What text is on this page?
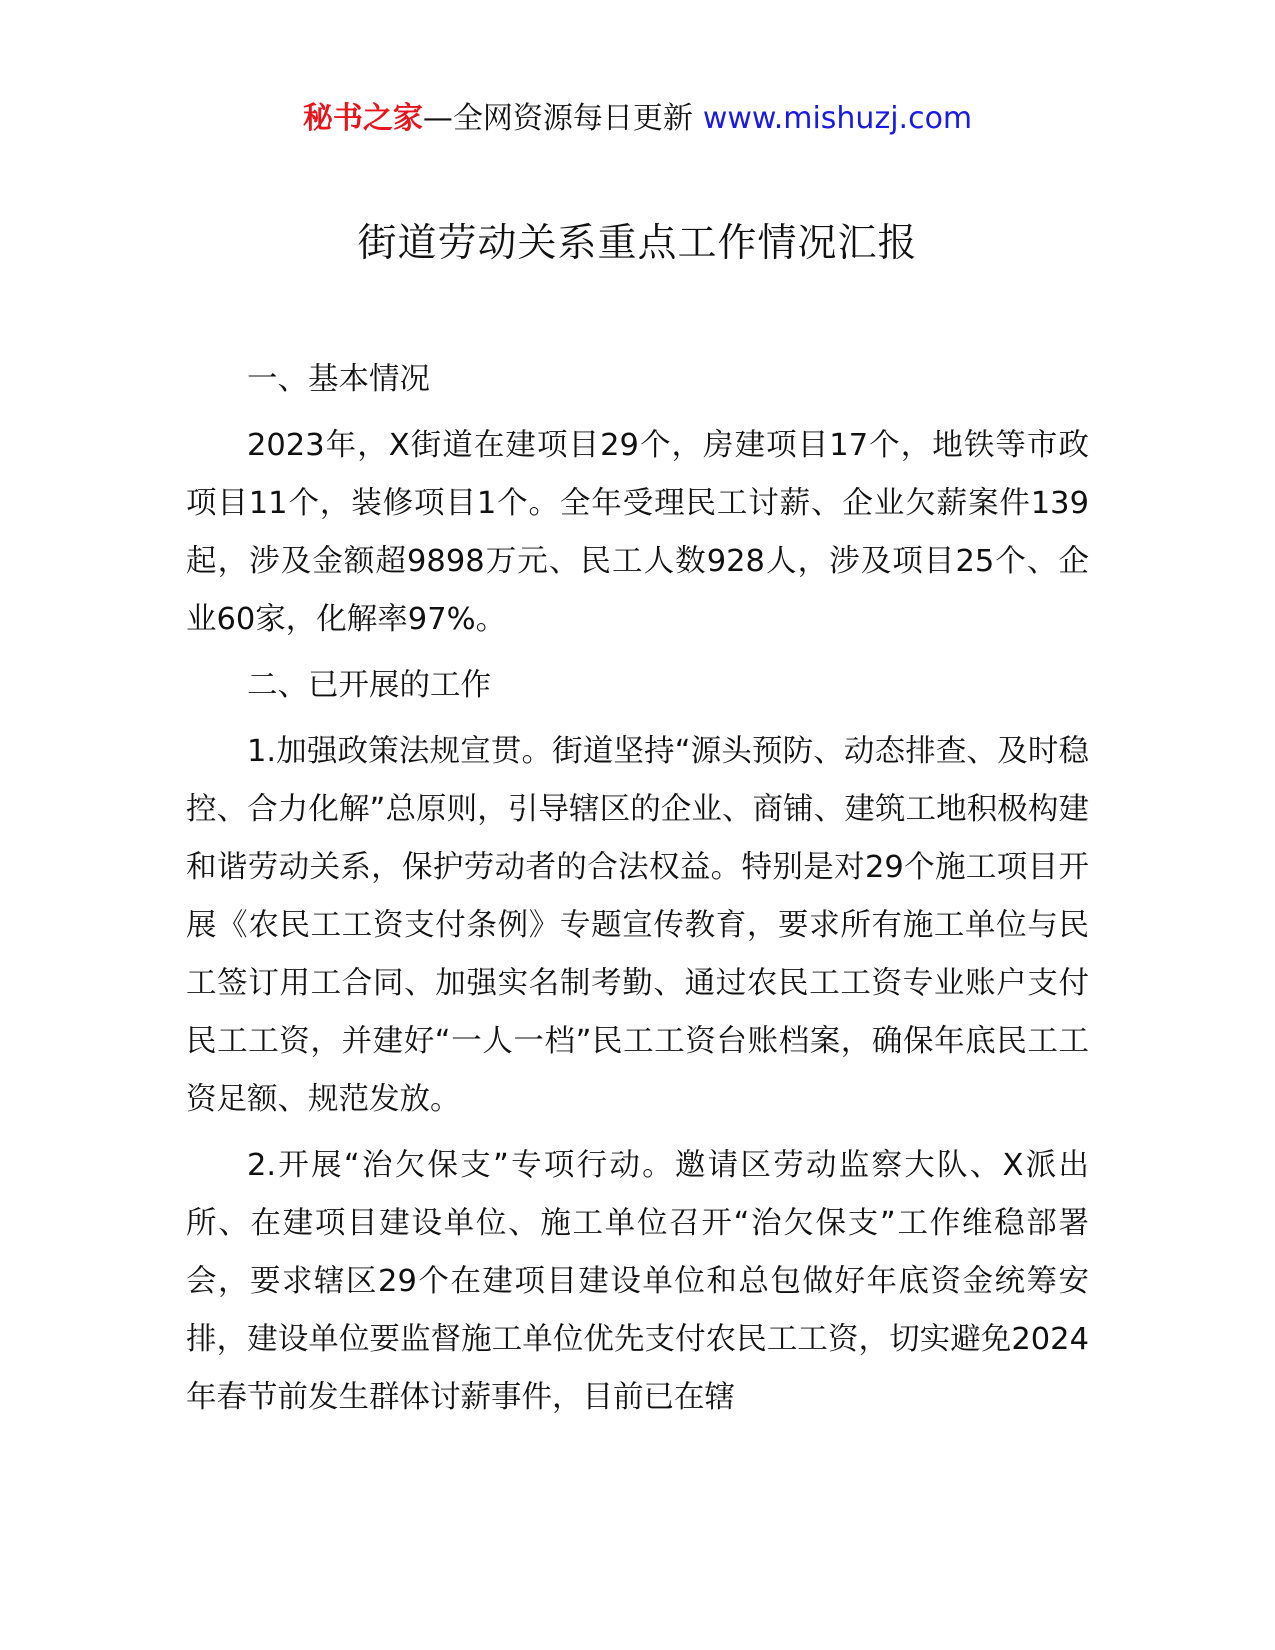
秘书之家—全网资源每日更新 www.mishuzj.com
街道劳动关系重点工作情况汇报

一、基本情况

2023年，X街道在建项目29个，房建项目17个，地铁等市政项目11个，装修项目1个。全年受理民工讨薪、企业欠薪案件139起，涉及金额超9898万元、民工人数928人，涉及项目25个、企业60家，化解率97%。

二、已开展的工作

1.加强政策法规宣贯。街道坚持“源头预防、动态排查、及时稳控、合力化解”总原则，引导辖区的企业、商铺、建筑工地积极构建和谐劳动关系，保护劳动者的合法权益。特别是对29个施工项目开展《农民工工资支付条例》专题宣传教育，要求所有施工单位与民工签订用工合同、加强实名制考勤、通过农民工工资专业账户支付民工工资，并建好“一人一档”民工工资台账档案，确保年底民工工资足额、规范发放。

2.开展“治欠保支”专项行动。邀请区劳动监察大队、X派出所、在建项目建设单位、施工单位召开“治欠保支”工作维稳部署会，要求辖区29个在建项目建设单位和总包做好年底资金统筹安排，建设单位要监督施工单位优先支付农民工工资，切实避免2024年春节前发生群体讨薪事件，目前已在辖
